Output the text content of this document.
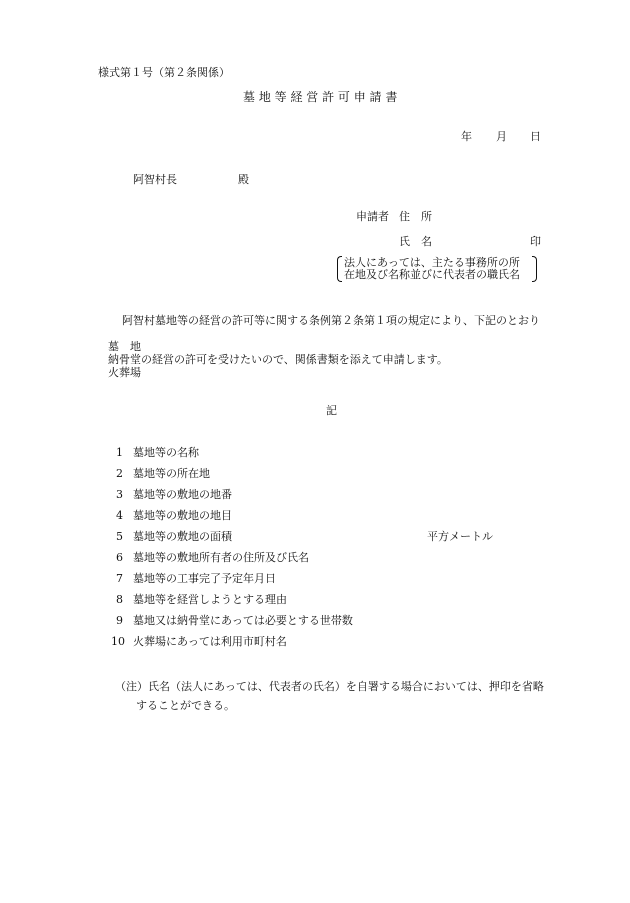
様式第１号（第２条関係）
墓 地 等 経 営 許 可 申 請 書
年 月 日
阿智村長	殿
申請者 住　所
氏　名	印
法人にあっては、主たる事務所の所
在地及び名称並びに代表者の職氏名
阿智村墓地等の経営の許可等に関する条例第２条第１項の規定により、下記のとおり
墓　地
納骨堂の経営の許可を受けたいので、関係書類を添えて申請します。
火葬場
記
1 墓地等の名称
2 墓地等の所在地
3 墓地等の敷地の地番
4 墓地等の敷地の地目
5 墓地等の敷地の面積	平方メートル
6 墓地等の敷地所有者の住所及び氏名
7 墓地等の工事完了予定年月日
8 墓地等を経営しようとする理由
9 墓地又は納骨堂にあっては必要とする世帯数
10 火葬場にあっては利用市町村名
（注）氏名（法人にあっては、代表者の氏名）を自署する場合においては、押印を省略
することができる。
